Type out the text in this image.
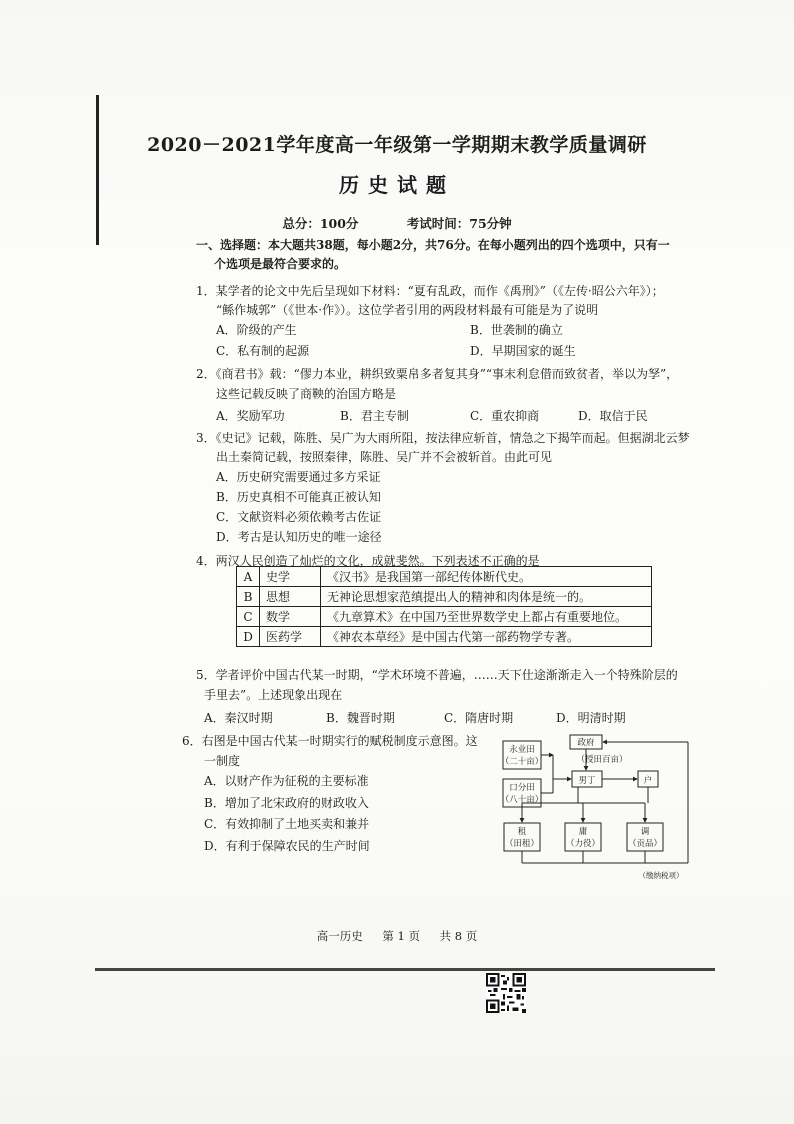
2020－2021学年度高一年级第一学期期末教学质量调研
历史试题
总分：100分	考试时间：75分钟
一、选择题：本大题共38题，每小题2分，共76分。在每小题列出的四个选项中，只有一
个选项是最符合要求的。
1．某学者的论文中先后呈现如下材料：“夏有乱政，而作《禹刑》”（《左传·昭公六年》）；
“鲧作城郭”（《世本·作》）。这位学者引用的两段材料最有可能是为了说明
A．阶级的产生	B．世袭制的确立
C．私有制的起源	D．早期国家的诞生
2．《商君书》载：“僇力本业，耕织致粟帛多者复其身”“事末利怠借而致贫者，举以为孥”，
这些记载反映了商鞅的治国方略是
A．奖励军功	B．君主专制	C．重农抑商	D．取信于民
3．《史记》记载，陈胜、吴广为大雨所阻，按法律应斩首，情急之下揭竿而起。但据湖北云梦
出土秦简记载，按照秦律，陈胜、吴广并不会被斩首。由此可见
A．历史研究需要通过多方采证
B．历史真相不可能真正被认知
C．文献资料必须依赖考古佐证
D．考古是认知历史的唯一途径
4．两汉人民创造了灿烂的文化，成就斐然。下列表述不正确的是
A	史学	《汉书》是我国第一部纪传体断代史。
B	思想	无神论思想家范缜提出人的精神和肉体是统一的。
C	数学	《九章算术》在中国乃至世界数学史上都占有重要地位。
D	医药学	《神农本草经》是中国古代第一部药物学专著。
5．学者评价中国古代某一时期，“学术环境不普遍，……天下仕途渐渐走入一个特殊阶层的
手里去”。上述现象出现在
A．秦汉时期	B．魏晋时期	C．隋唐时期	D．明清时期
6．右图是中国古代某一时期实行的赋税制度示意图。这
一制度
A．以财产作为征税的主要标准
B．增加了北宋政府的财政收入
C．有效抑制了土地买卖和兼并
D．有利于保障农民的生产时间
永业田
（二十亩）
口分田
（八十亩）
政府
（授田百亩）
男丁	户
租
（田租）
庸
（力役）
调
（贡品）
（缴纳税项）
高一历史 第 1 页 共 8 页
